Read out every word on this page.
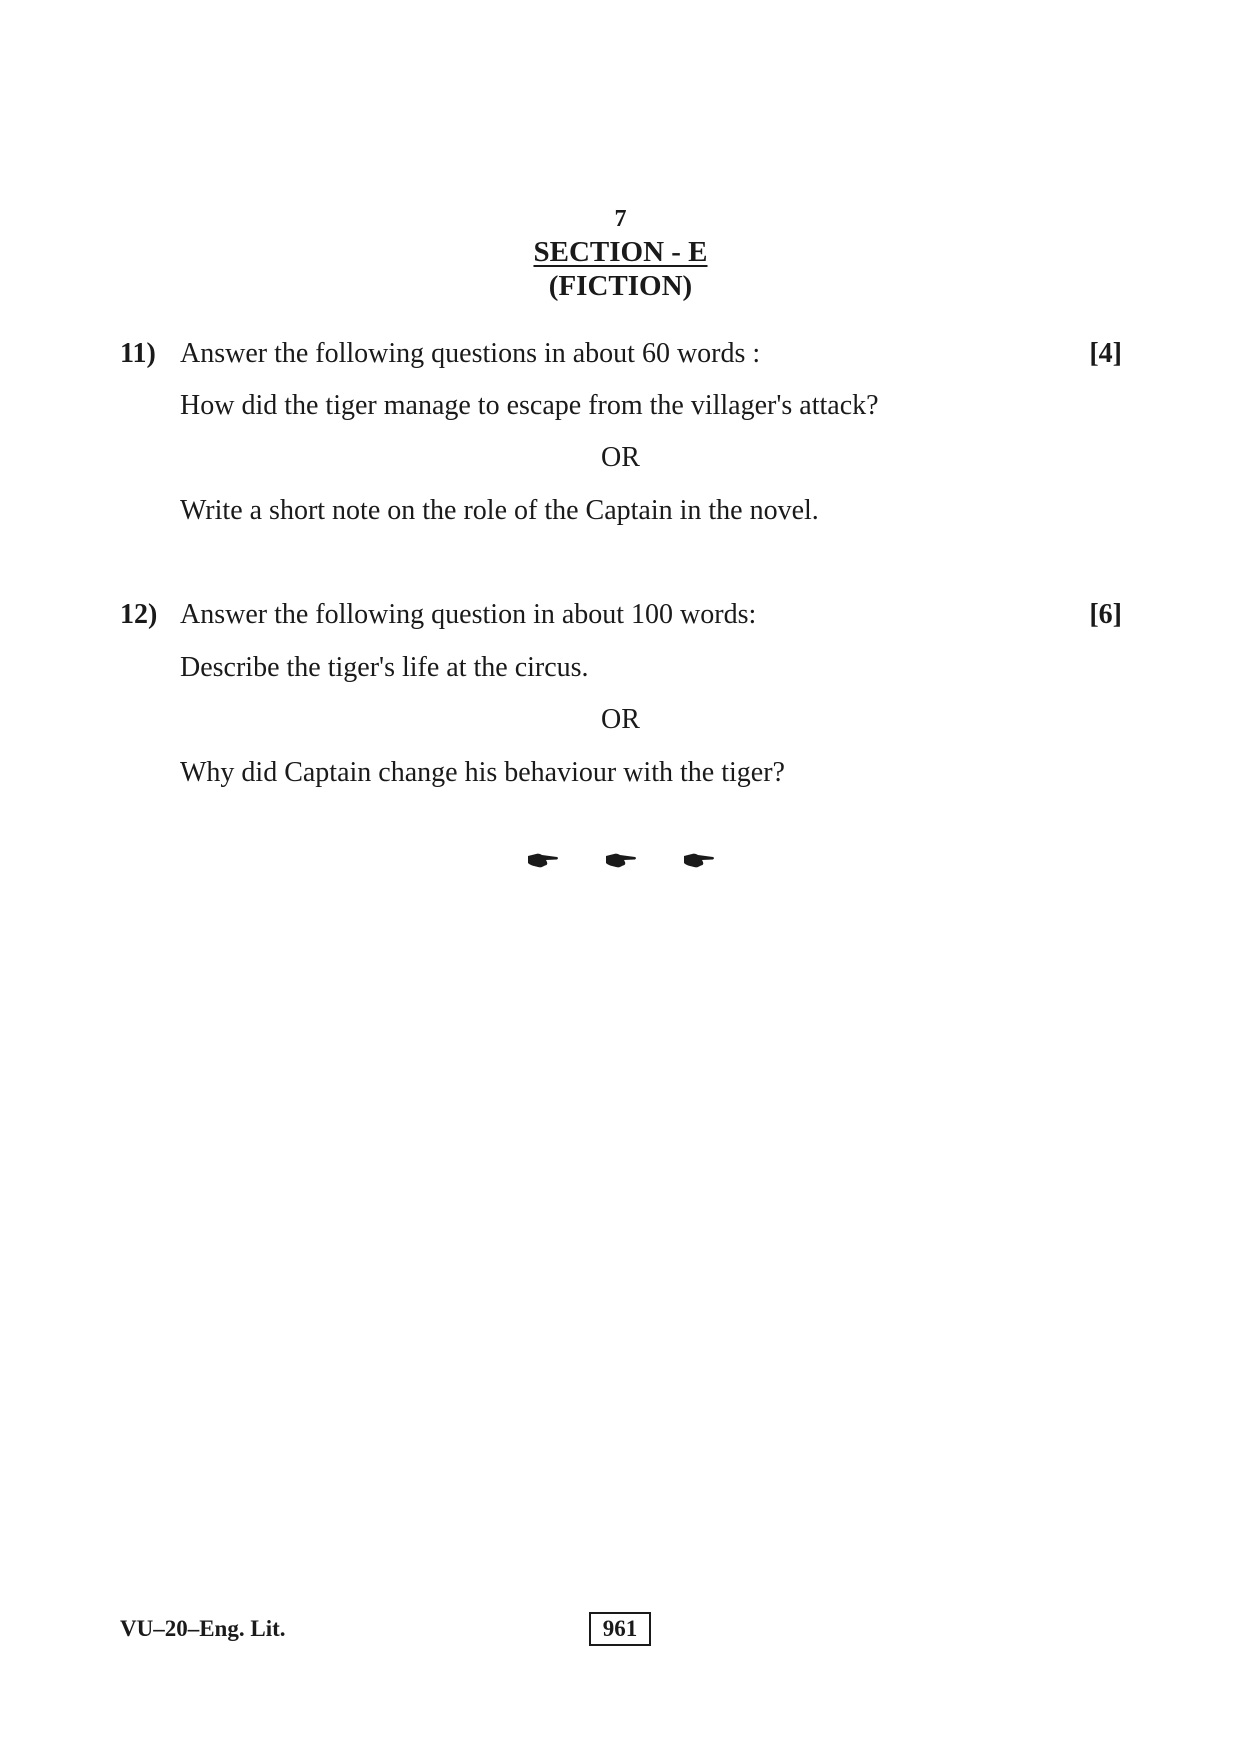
7
SECTION - E
(FICTION)
11) Answer the following questions in about 60 words :	[4]
How did the tiger manage to escape from the villager's attack?
OR
Write a short note on the role of the Captain in the novel.
12) Answer the following question in about 100 words:	[6]
Describe the tiger's life at the circus.
OR
Why did Captain change his behaviour with the tiger?
VU–20–Eng. Lit.	961
